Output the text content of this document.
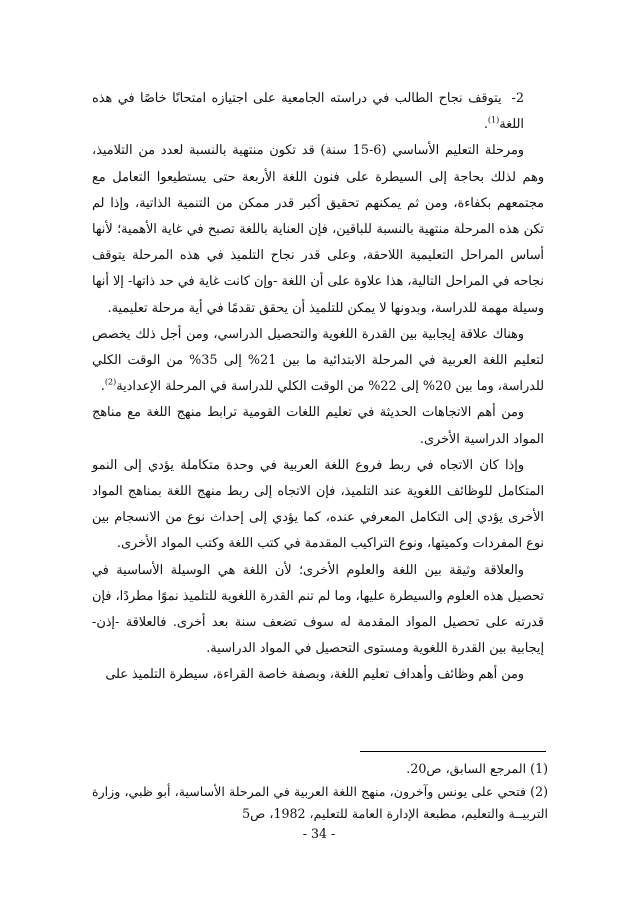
2-يتوقف نجاح الطالب في دراسته الجامعية على اجتيازه امتحانًا خاصًا في هذه اللغة$^{(1)}$.

ومرحلة التعليم الأساسي (6-15 سنة) قد تكون منتهية بالنسبة لعدد من التلاميذ، وهم لذلك بحاجة إلى السيطرة على فنون اللغة الأربعة حتى يستطيعوا التعامل مع مجتمعهم بكفاءة، ومن ثم يمكنهم تحقيق أكبر قدر ممكن من التنمية الذاتية، وإذا لم تكن هذه المرحلة منتهية بالنسبة للباقين، فإن العناية باللغة تصبح في غاية الأهمية؛ لأنها أساس المراحل التعليمية اللاحقة، وعلى قدر نجاح التلميذ في هذه المرحلة يتوقف نجاحه في المراحل التالية، هذا علاوة على أن اللغة -وإن كانت غاية في حد ذاتها- إلا أنها وسيلة مهمة للدراسة، وبدونها لا يمكن للتلميذ أن يحقق تقدمًا في أية مرحلة تعليمية.

وهناك علاقة إيجابية بين القدرة اللغوية والتحصيل الدراسي، ومن أجل ذلك يخصص لتعليم اللغة العربية في المرحلة الابتدائية ما بين 21% إلى 35% من الوقت الكلي للدراسة، وما بين 20% إلى 22% من الوقت الكلي للدراسة في المرحلة الإعدادية$^{(2)}$.

ومن أهم الاتجاهات الحديثة في تعليم اللغات القومية ترابط منهج اللغة مع مناهج المواد الدراسية الأخرى.

وإذا كان الاتجاه في ربط فروع اللغة العربية في وحدة متكاملة يؤدي إلى النمو المتكامل للوظائف اللغوية عند التلميذ، فإن الاتجاه إلى ربط منهج اللغة بمناهج المواد الأخرى يؤدي إلى التكامل المعرفي عنده، كما يؤدي إلى إحداث نوع من الانسجام بين نوع المفردات وكميتها، ونوع التراكيب المقدمة في كتب اللغة وكتب المواد الأخرى.

والعلاقة وثيقة بين اللغة والعلوم الأخرى؛ لأن اللغة هي الوسيلة الأساسية في تحصيل هذه العلوم والسيطرة عليها، وما لم تنم القدرة اللغوية للتلميذ نموًا مطردًا، فإن قدرته على تحصيل المواد المقدمة له سوف تضعف سنة بعد أخرى. فالعلاقة -إذن- إيجابية بين القدرة اللغوية ومستوى التحصيل في المواد الدراسية.

ومن أهم وظائف وأهداف تعليم اللغة، وبصفة خاصة القراءة، سيطرة التلميذ على

(1) المرجع السابق، ص20.

(2) فتحي على يونس وآخرون، منهج اللغة العربية في المرحلة الأساسية، أبو ظبي، وزارة التربيــة والتعليم، مطبعة الإدارة العامة للتعليم، 1982، ص5

- 34 -
